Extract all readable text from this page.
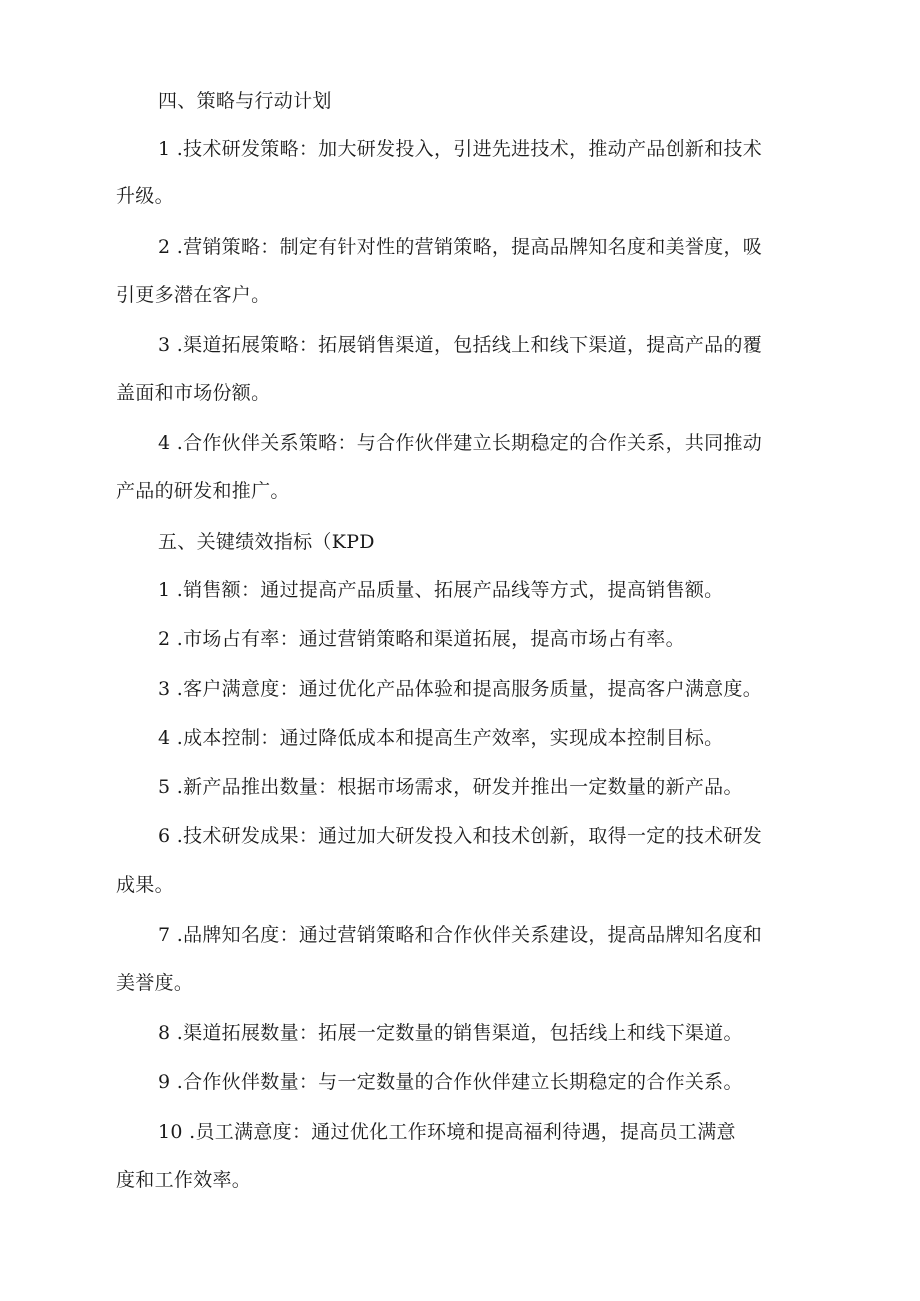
四、策略与行动计划
1 .技术研发策略：加大研发投入，引进先进技术，推动产品创新和技术
升级。
2 .营销策略：制定有针对性的营销策略，提高品牌知名度和美誉度，吸
引更多潜在客户。
3 .渠道拓展策略：拓展销售渠道，包括线上和线下渠道，提高产品的覆
盖面和市场份额。
4 .合作伙伴关系策略：与合作伙伴建立长期稳定的合作关系，共同推动
产品的研发和推广。
五、关键绩效指标（KPD
1 .销售额：通过提高产品质量、拓展产品线等方式，提高销售额。
2 .市场占有率：通过营销策略和渠道拓展，提高市场占有率。
3 .客户满意度：通过优化产品体验和提高服务质量，提高客户满意度。
4 .成本控制：通过降低成本和提高生产效率，实现成本控制目标。
5 .新产品推出数量：根据市场需求，研发并推出一定数量的新产品。
6 .技术研发成果：通过加大研发投入和技术创新，取得一定的技术研发
成果。
7 .品牌知名度：通过营销策略和合作伙伴关系建设，提高品牌知名度和
美誉度。
8 .渠道拓展数量：拓展一定数量的销售渠道，包括线上和线下渠道。
9 .合作伙伴数量：与一定数量的合作伙伴建立长期稳定的合作关系。
10 .员工满意度：通过优化工作环境和提高福利待遇，提高员工满意
度和工作效率。
